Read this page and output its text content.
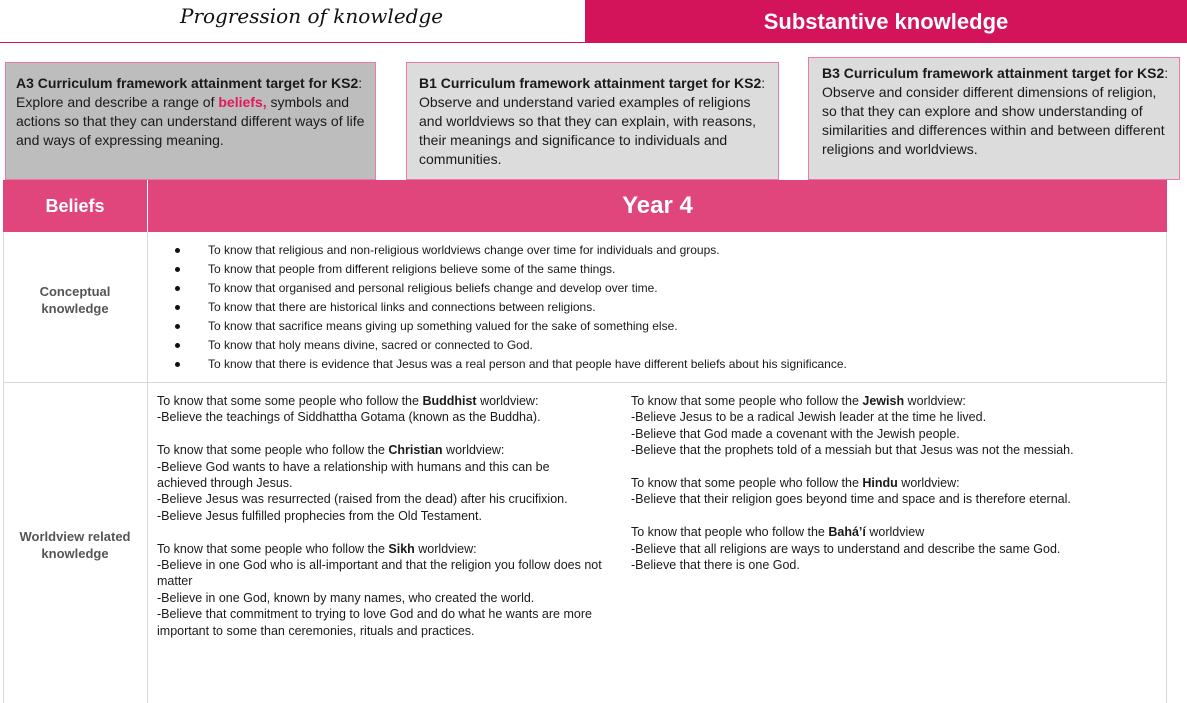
Progression of knowledge	Substantive knowledge
A3 Curriculum framework attainment target for KS2: Explore and describe a range of beliefs, symbols and actions so that they can understand different ways of life and ways of expressing meaning.
B1 Curriculum framework attainment target for KS2: Observe and understand varied examples of religions and worldviews so that they can explain, with reasons, their meanings and significance to individuals and communities.
B3 Curriculum framework attainment target for KS2: Observe and consider different dimensions of religion, so that they can explore and show understanding of similarities and differences within and between different religions and worldviews.
Beliefs	Year 4
Conceptual knowledge
To know that religious and non-religious worldviews change over time for individuals and groups.
To know that people from different religions believe some of the same things.
To know that organised and personal religious beliefs change and develop over time.
To know that there are historical links and connections between religions.
To know that sacrifice means giving up something valued for the sake of something else.
To know that holy means divine, sacred or connected to God.
To know that there is evidence that Jesus was a real person and that people have different beliefs about his significance.
Worldview related knowledge
To know that some some people who follow the Buddhist worldview:
-Believe the teachings of Siddhattha Gotama (known as the Buddha).
To know that some people who follow the Christian worldview:
-Believe God wants to have a relationship with humans and this can be achieved through Jesus.
-Believe Jesus was resurrected (raised from the dead) after his crucifixion.
-Believe Jesus fulfilled prophecies from the Old Testament.
To know that some people who follow the Sikh worldview:
-Believe in one God who is all-important and that the religion you follow does not matter
-Believe in one God, known by many names, who created the world.
-Believe that commitment to trying to love God and do what he wants are more important to some than ceremonies, rituals and practices.
To know that some people who follow the Jewish worldview:
-Believe Jesus to be a radical Jewish leader at the time he lived.
-Believe that God made a covenant with the Jewish people.
-Believe that the prophets told of a messiah but that Jesus was not the messiah.
To know that some people who follow the Hindu worldview:
-Believe that their religion goes beyond time and space and is therefore eternal.
To know that people who follow the Bahá’í worldview
-Believe that all religions are ways to understand and describe the same God.
-Believe that there is one God.
